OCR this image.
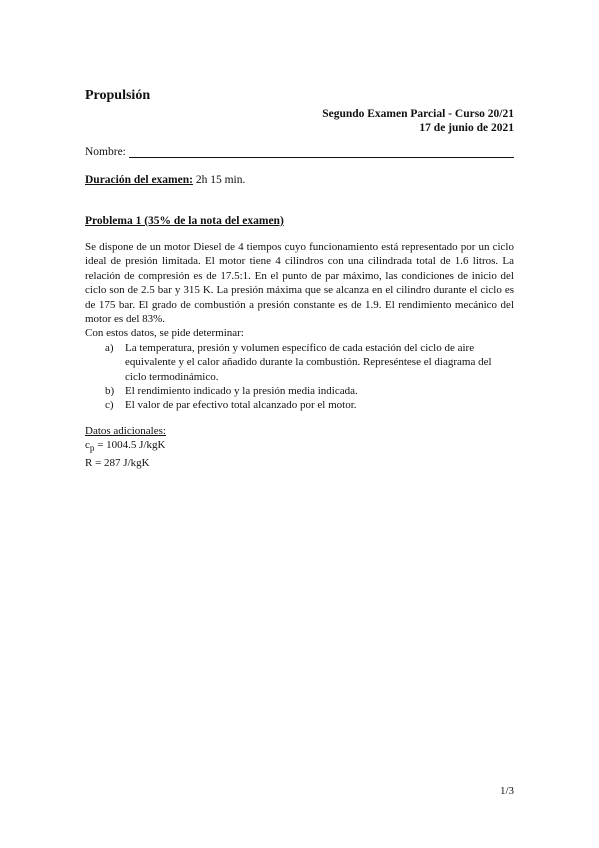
Propulsión
Segundo Examen Parcial - Curso 20/21
17 de junio de 2021
Nombre:
Duración del examen: 2h 15 min.
Problema 1 (35% de la nota del examen)

Se dispone de un motor Diesel de 4 tiempos cuyo funcionamiento está representado por un ciclo ideal de presión limitada. El motor tiene 4 cilindros con una cilindrada total de 1.6 litros. La relación de compresión es de 17.5:1. En el punto de par máximo, las condiciones de inicio del ciclo son de 2.5 bar y 315 K. La presión máxima que se alcanza en el cilindro durante el ciclo es de 175 bar. El grado de combustión a presión constante es de 1.9. El rendimiento mecánico del motor es del 83%.

Con estos datos, se pide determinar:

a)	La temperatura, presión y volumen específico de cada estación del ciclo de aire equivalente y el calor añadido durante la combustión. Represéntese el diagrama del ciclo termodinámico.
b) El rendimiento indicado y la presión media indicada.
c)	El valor de par efectivo total alcanzado por el motor.
Datos adicionales:
$c_p = 1004.5$ J/kgK
R = 287 J/kgK
1/3
